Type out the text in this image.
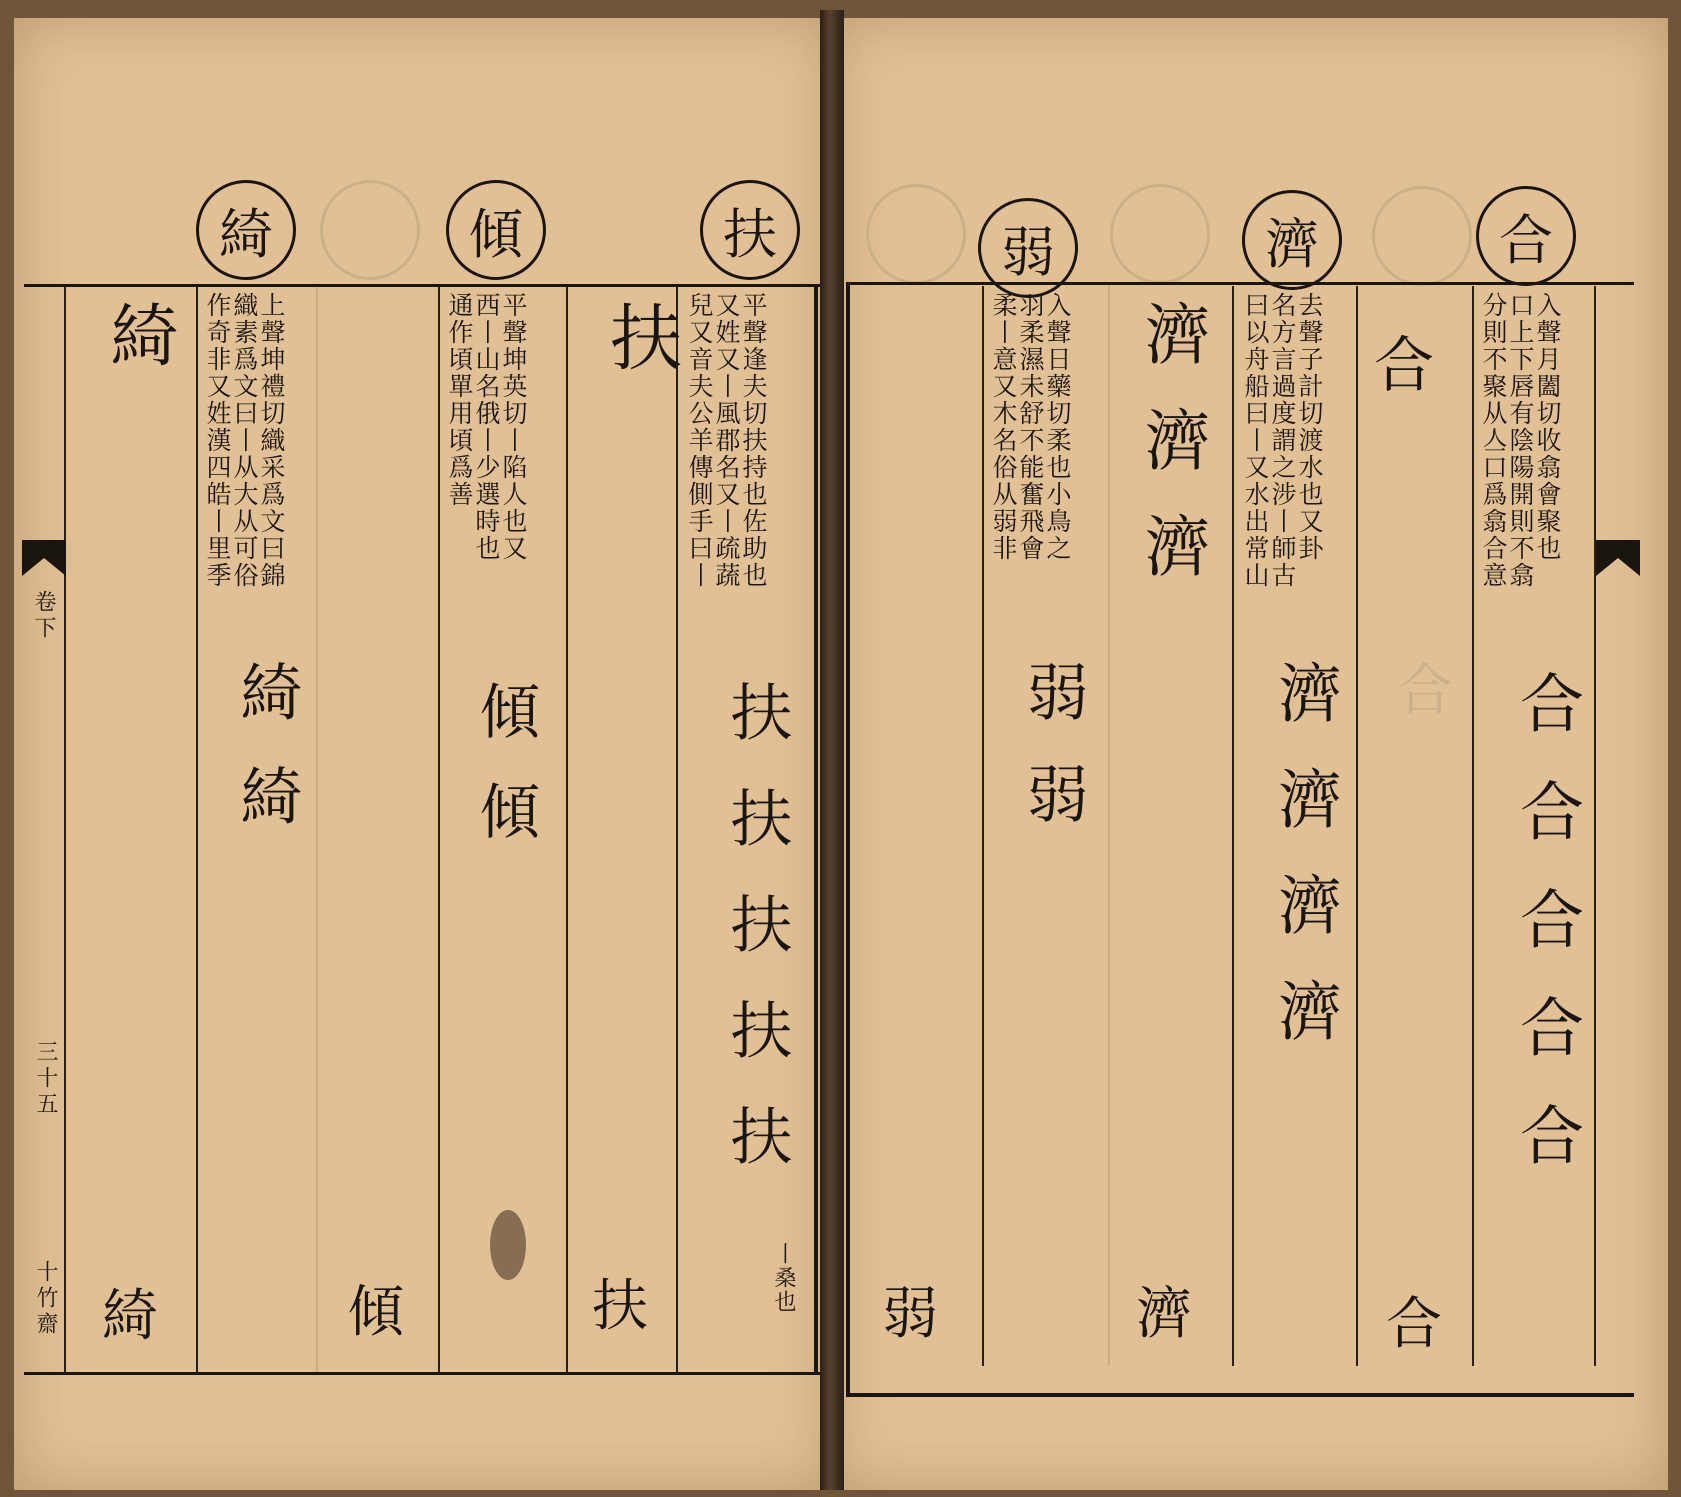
綺	傾	扶
卷下
三十五
十竹齋
平聲逢夫切扶持也佐助也
又姓又丨風郡名又丨疏蔬
兒又音夫公羊傳側手曰丨
扶
扶扶扶扶扶
丨桑也
扶
平聲坤英切丨陷人也又
西丨山名俄丨少選時也
通作頃單用頃爲善
傾傾
傾
上聲坤禮切織采爲文曰錦
織素爲文曰丨从大从可俗
作奇非又姓漢四皓丨里季
綺
綺綺
綺
弱	濟	合
入聲月闔切收翕會聚也
口上下唇有陰陽開則不翕
分則不聚从亼口爲翕合意
合合合合合
合
合
去聲子計切渡水也又卦
名方言過度謂之涉丨師古
曰以舟船曰丨又水出常山
濟濟濟
濟濟濟濟
濟
入聲日藥切柔也小鳥之
羽柔濕未舒不能奮飛會
柔丨意又木名俗从弱非
弱弱
弱
合
